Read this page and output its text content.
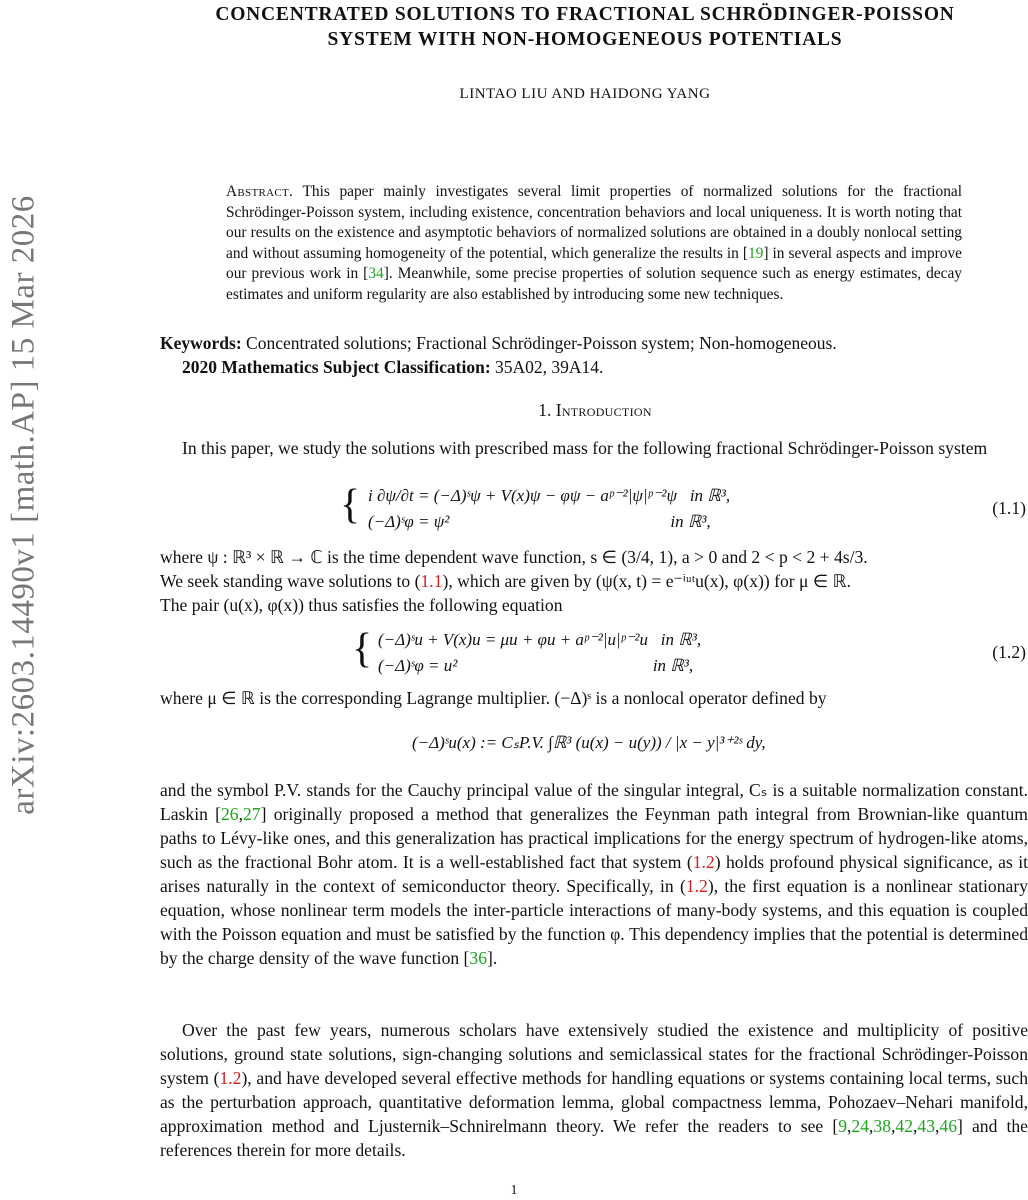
arXiv:2603.14490v1 [math.AP] 15 Mar 2026
CONCENTRATED SOLUTIONS TO FRACTIONAL SCHRÖDINGER-POISSON
SYSTEM WITH NON-HOMOGENEOUS POTENTIALS
LINTAO LIU AND HAIDONG YANG
Abstract. This paper mainly investigates several limit properties of normalized solutions for the fractional Schrödinger-Poisson system, including existence, concentration behaviors and local uniqueness. It is worth noting that our results on the existence and asymptotic behaviors of normalized solutions are obtained in a doubly nonlocal setting and without assuming homogeneity of the potential, which generalize the results in [19] in several aspects and improve our previous work in [34]. Meanwhile, some precise properties of solution sequence such as energy estimates, decay estimates and uniform regularity are also established by introducing some new techniques.
Keywords: Concentrated solutions; Fractional Schrödinger-Poisson system; Non-homogeneous.
2020 Mathematics Subject Classification: 35A02, 39A14.
1. Introduction

In this paper, we study the solutions with prescribed mass for the following fractional Schrödinger-Poisson system

{ i ∂ψ/∂t = (−Δ)ˢψ + V(x)ψ − φψ − aᵖ⁻²|ψ|ᵖ⁻²ψ   in ℝ³,
(−Δ)ˢφ = ψ²                                                    in ℝ³,
(1.1)

where ψ : ℝ³ × ℝ → ℂ is the time dependent wave function, s ∈ (3/4, 1), a > 0 and 2 < p < 2 + 4s/3.

We seek standing wave solutions to (1.1), which are given by (ψ(x, t) = e⁻ⁱᵘᵗu(x), φ(x)) for μ ∈ ℝ.

The pair (u(x), φ(x)) thus satisfies the following equation

{ (−Δ)ˢu + V(x)u = μu + φu + aᵖ⁻²|u|ᵖ⁻²u   in ℝ³,
(−Δ)ˢφ = u²                                              in ℝ³,
(1.2)

where μ ∈ ℝ is the corresponding Lagrange multiplier. (−Δ)ˢ is a nonlocal operator defined by

(−Δ)ˢu(x) := CₛP.V. ∫ℝ³ (u(x) − u(y)) / |x − y|³⁺²ˢ dy,

and the symbol P.V. stands for the Cauchy principal value of the singular integral, Cₛ is a suitable normalization constant. Laskin [26,27] originally proposed a method that generalizes the Feynman path integral from Brownian-like quantum paths to Lévy-like ones, and this generalization has practical implications for the energy spectrum of hydrogen-like atoms, such as the fractional Bohr atom. It is a well-established fact that system (1.2) holds profound physical significance, as it arises naturally in the context of semiconductor theory. Specifically, in (1.2), the first equation is a nonlinear stationary equation, whose nonlinear term models the inter-particle interactions of many-body systems, and this equation is coupled with the Poisson equation and must be satisfied by the function φ. This dependency implies that the potential is determined by the charge density of the wave function [36].

Over the past few years, numerous scholars have extensively studied the existence and multiplicity of positive solutions, ground state solutions, sign-changing solutions and semiclassical states for the fractional Schrödinger-Poisson system (1.2), and have developed several effective methods for handling equations or systems containing local terms, such as the perturbation approach, quantitative deformation lemma, global compactness lemma, Pohozaev–Nehari manifold, approximation method and Ljusternik–Schnirelmann theory. We refer the readers to see [9,24,38,42,43,46] and the references therein for more details.

1
